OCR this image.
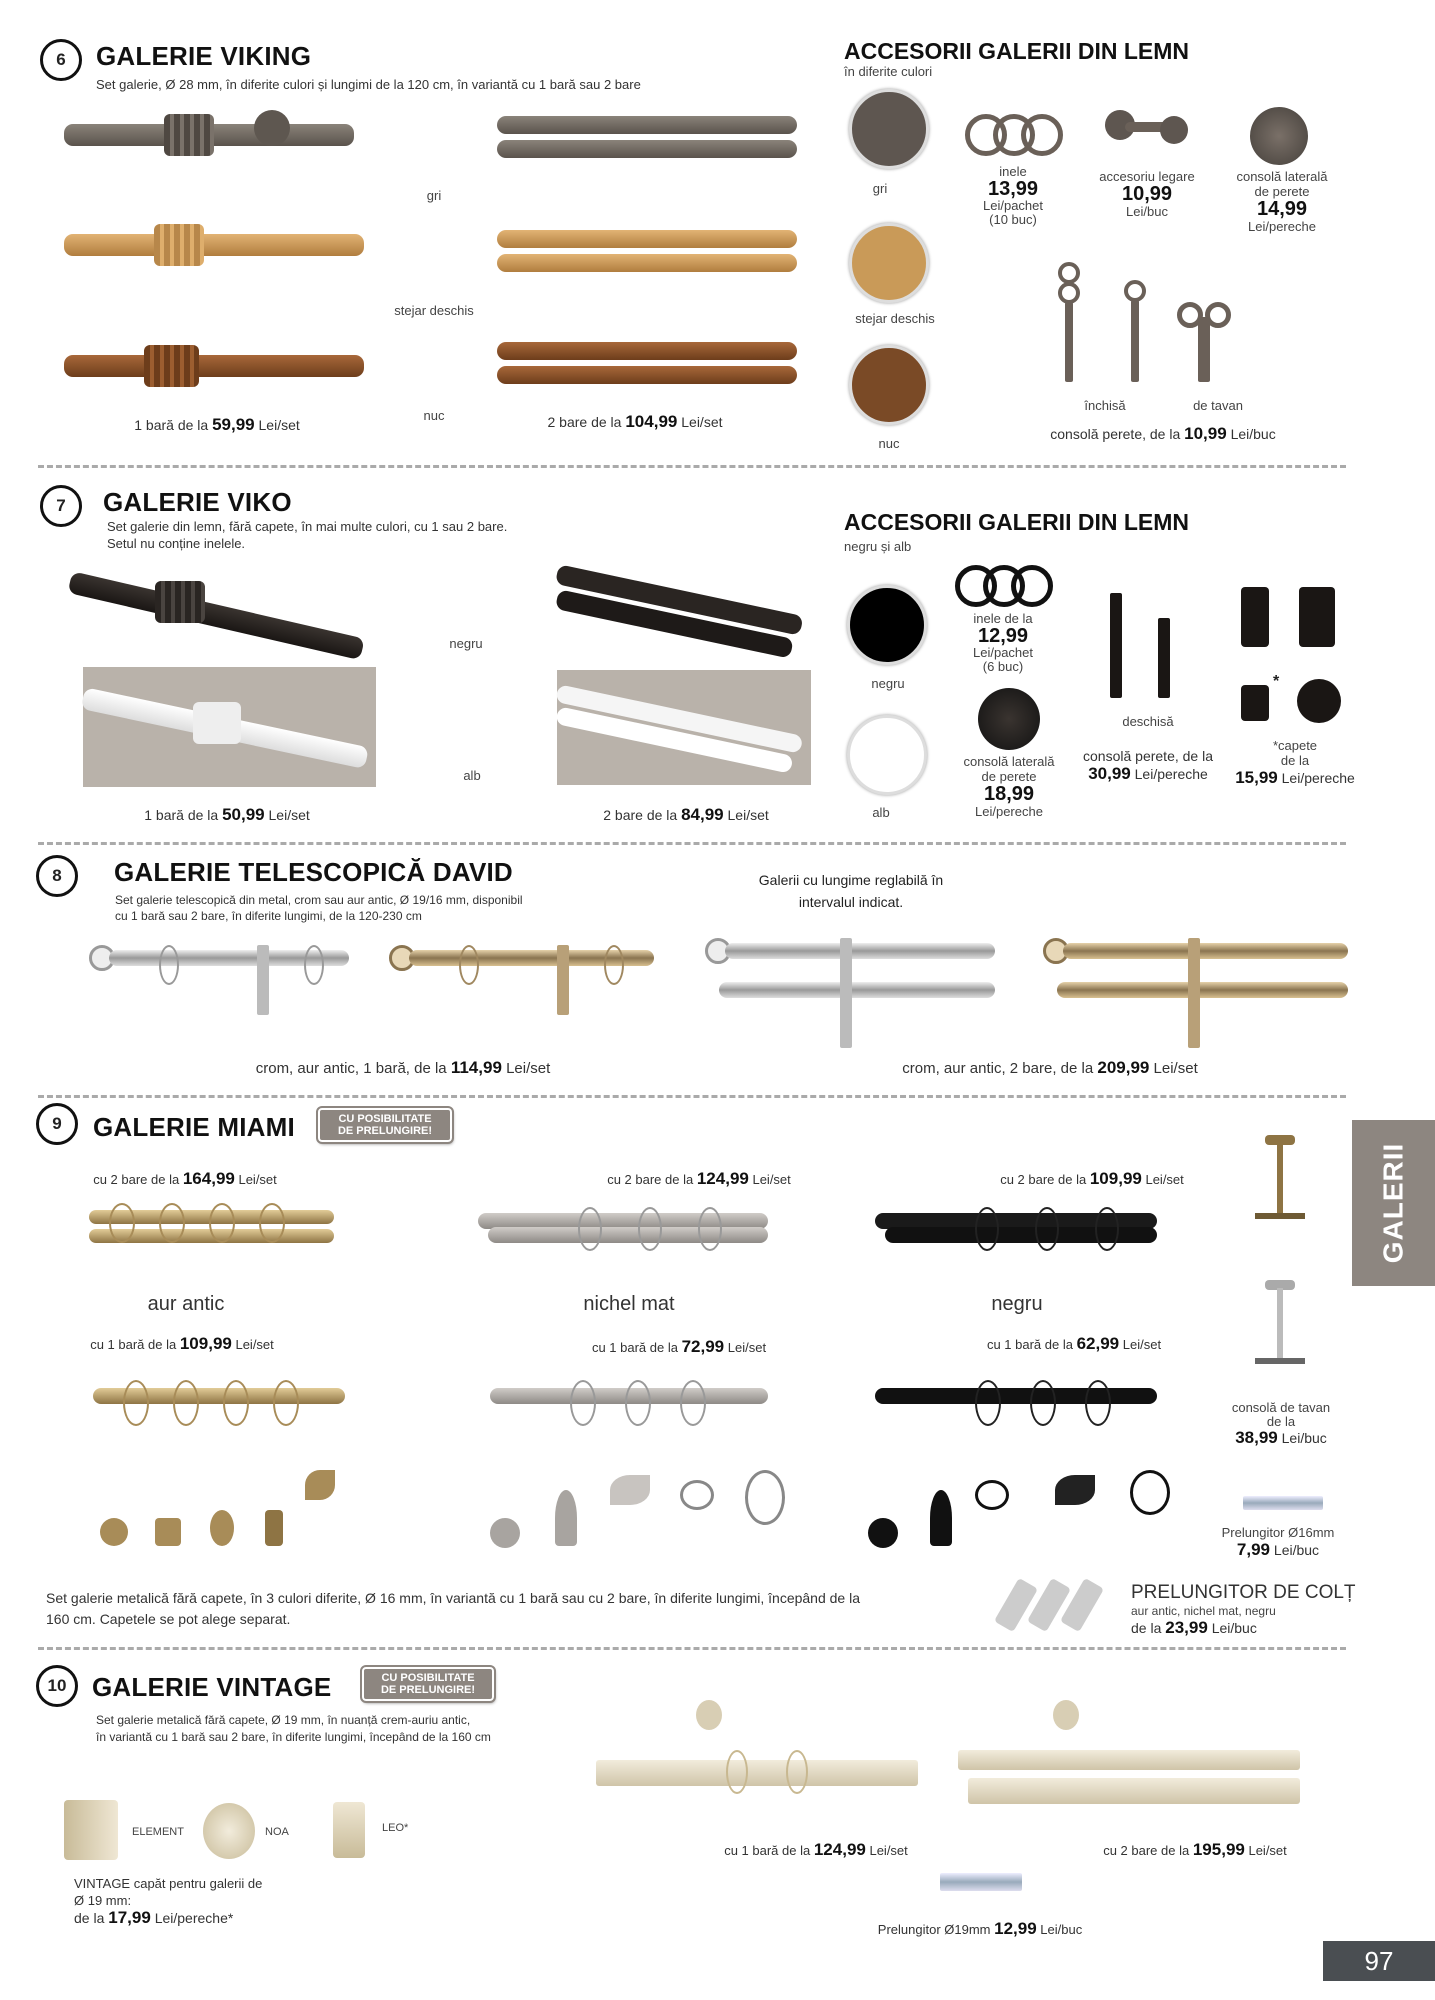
6	GALERIE VIKING
Set galerie, Ø 28 mm, în diferite culori și lungimi de la 120 cm, în variantă cu 1 bară sau 2 bare
gri
stejar deschis
nuc
1 bară de la 59,99 Lei/set	2 bare de la 104,99 Lei/set
ACCESORII GALERII DIN LEMN
în diferite culori
gri
stejar deschis
nuc
inele
13,99
Lei/pachet
(10 buc)
accesoriu legare
10,99
Lei/buc
consolă laterală
de perete
14,99
Lei/pereche
închisă	de tavan
consolă perete, de la 10,99 Lei/buc
7	GALERIE VIKO
Set galerie din lemn, fără capete, în mai multe culori, cu 1 sau 2 bare.
Setul nu conține inelele.
negru
alb
1 bară de la 50,99 Lei/set	2 bare de la 84,99 Lei/set
ACCESORII GALERII DIN LEMN
negru și alb
negru
alb
inele de la
12,99
Lei/pachet
(6 buc)
consolă laterală
de perete
18,99
Lei/pereche
deschisă
consolă perete, de la
30,99 Lei/pereche
*
*capete
de la
15,99 Lei/pereche
8	GALERIE TELESCOPICĂ DAVID
Set galerie telescopică din metal, crom sau aur antic, Ø 19/16 mm, disponibil
cu 1 bară sau 2 bare, în diferite lungimi, de la 120-230 cm
Galerii cu lungime reglabilă în
intervalul indicat.
crom, aur antic, 1 bară, de la 114,99 Lei/set	crom, aur antic, 2 bare, de la 209,99 Lei/set
9	GALERIE MIAMI	CU POSIBILITATE
DE PRELUNGIRE!
cu 2 bare de la 164,99 Lei/set	cu 2 bare de la 124,99 Lei/set	cu 2 bare de la 109,99 Lei/set
aur antic	nichel mat	negru
cu 1 bară de la 109,99 Lei/set	cu 1 bară de la 72,99 Lei/set	cu 1 bară de la 62,99 Lei/set
consolă de tavan
de la
38,99 Lei/buc
Prelungitor Ø16mm
7,99 Lei/buc
Set galerie metalică fără capete, în 3 culori diferite, Ø 16 mm, în variantă cu 1 bară sau cu 2 bare, în diferite lungimi, începând de la
160 cm. Capetele se pot alege separat.
PRELUNGITOR DE COLȚ
aur antic, nichel mat, negru
de la 23,99 Lei/buc
GALERII
10 GALERIE VINTAGE	CU POSIBILITATE
DE PRELUNGIRE!
Set galerie metalică fără capete, Ø 19 mm, în nuanță crem-auriu antic,
în variantă cu 1 bară sau 2 bare, în diferite lungimi, începând de la 160 cm
ELEMENT	NOA	LEO*
VINTAGE capăt pentru galerii de
Ø 19 mm:
de la 17,99 Lei/pereche*
cu 1 bară de la 124,99 Lei/set	cu 2 bare de la 195,99 Lei/set
Prelungitor Ø19mm 12,99 Lei/buc
97
